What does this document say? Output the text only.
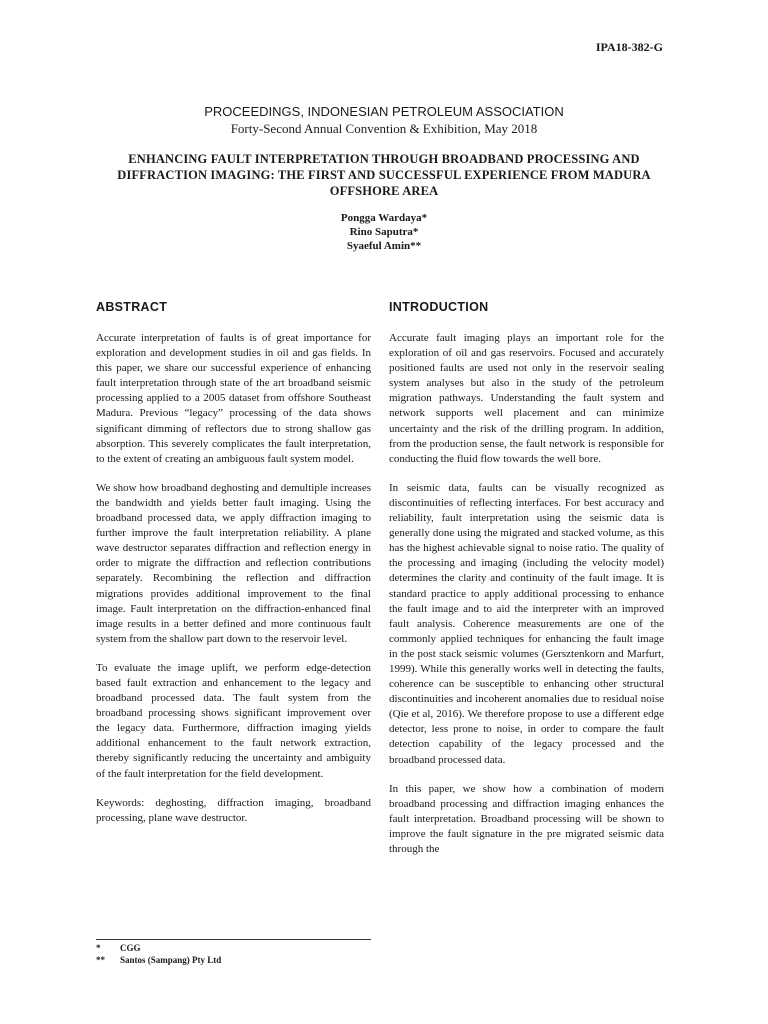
IPA18-382-G
PROCEEDINGS, INDONESIAN PETROLEUM ASSOCIATION
Forty-Second Annual Convention & Exhibition, May 2018
ENHANCING FAULT INTERPRETATION THROUGH BROADBAND PROCESSING AND DIFFRACTION IMAGING: THE FIRST AND SUCCESSFUL EXPERIENCE FROM MADURA OFFSHORE AREA
Pongga Wardaya*
Rino Saputra*
Syaeful Amin**
ABSTRACT

Accurate interpretation of faults is of great importance for exploration and development studies in oil and gas fields. In this paper, we share our successful experience of enhancing fault interpretation through state of the art broadband seismic processing applied to a 2005 dataset from offshore Southeast Madura. Previous “legacy” processing of the data shows significant dimming of reflectors due to strong shallow gas absorption. This severely complicates the fault interpretation, to the extent of creating an ambiguous fault system model.

We show how broadband deghosting and demultiple increases the bandwidth and yields better fault imaging. Using the broadband processed data, we apply diffraction imaging to further improve the fault interpretation reliability. A plane wave destructor separates diffraction and reflection energy in order to migrate the diffraction and reflection contributions separately. Recombining the reflection and diffraction migrations provides additional improvement to the final image. Fault interpretation on the diffraction-enhanced final image results in a better defined and more continuous fault system from the shallow part down to the reservoir level.

To evaluate the image uplift, we perform edge-detection based fault extraction and enhancement to the legacy and broadband processed data. The fault system from the broadband processing shows significant improvement over the legacy data. Furthermore, diffraction imaging yields additional enhancement to the fault network extraction, thereby significantly reducing the uncertainty and ambiguity of the fault interpretation for the field development.

Keywords: deghosting, diffraction imaging, broadband processing, plane wave destructor.

INTRODUCTION

Accurate fault imaging plays an important role for the exploration of oil and gas reservoirs. Focused and accurately positioned faults are used not only in the reservoir sealing system analyses but also in the study of the petroleum migration pathways. Understanding the fault system and network supports well placement and can minimize uncertainty and the risk of the drilling program. In addition, from the production sense, the fault network is responsible for conducting the fluid flow towards the well bore.

In seismic data, faults can be visually recognized as discontinuities of reflecting interfaces. For best accuracy and reliability, fault interpretation using the seismic data is generally done using the migrated and stacked volume, as this has the highest achievable signal to noise ratio. The quality of the processing and imaging (including the velocity model) determines the clarity and continuity of the fault image. It is standard practice to apply additional processing to enhance the fault image and to aid the interpreter with an improved fault analysis. Coherence measurements are one of the commonly applied techniques for enhancing the fault image in the post stack seismic volumes (Gersztenkorn and Marfurt, 1999). While this generally works well in detecting the faults, coherence can be susceptible to enhancing other structural discontinuities and incoherent anomalies due to residual noise (Qie et al, 2016). We therefore propose to use a different edge detector, less prone to noise, in order to compare the fault detection capability of the legacy processed and the broadband processed data.

In this paper, we show how a combination of modern broadband processing and diffraction imaging enhances the fault interpretation. Broadband processing will be shown to improve the fault signature in the pre migrated seismic data through the

* CGG
** Santos (Sampang) Pty Ltd
